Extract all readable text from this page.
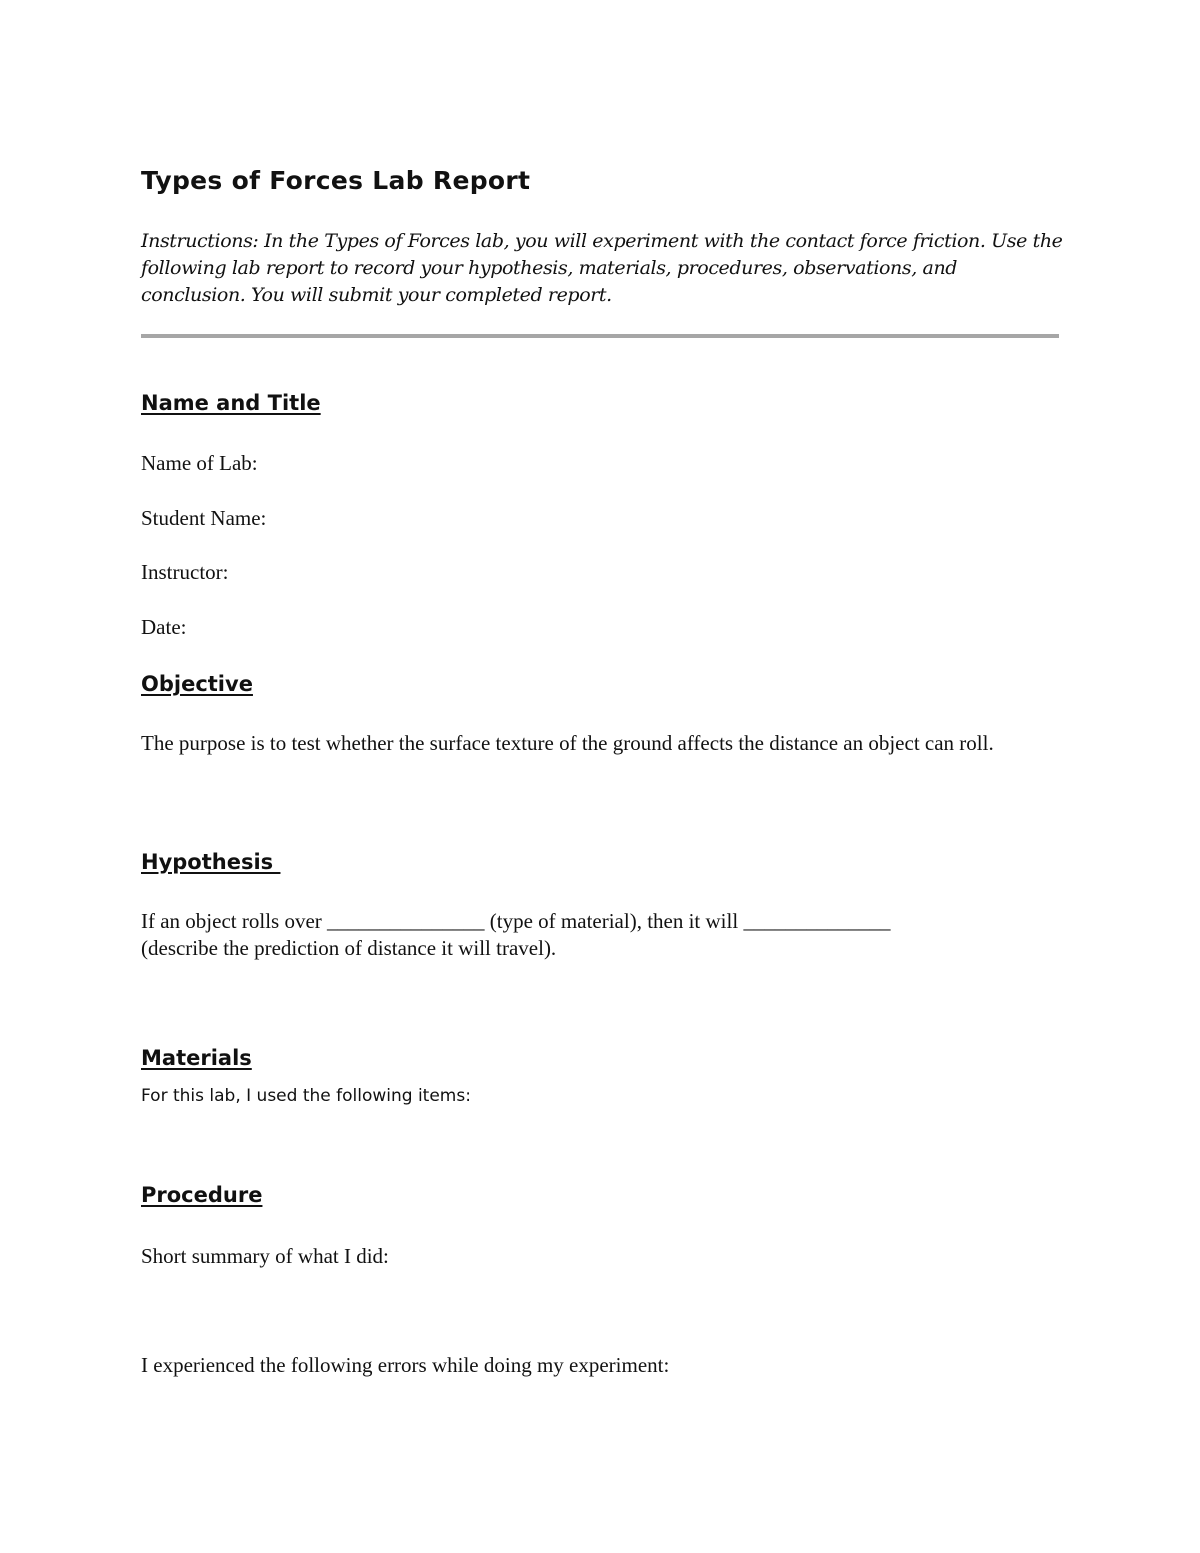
Types of Forces Lab Report
Instructions: In the Types of Forces lab, you will experiment with the contact force friction. Use the following lab report to record your hypothesis, materials, procedures, observations, and conclusion. You will submit your completed report.
Name and Title
Name of Lab:
Student Name:
Instructor:
Date:
Objective
The purpose is to test whether the surface texture of the ground affects the distance an object can roll.
Hypothesis
If an object rolls over _______________ (type of material), then it will ______________
(describe the prediction of distance it will travel).
Materials
For this lab, I used the following items:
Procedure
Short summary of what I did:
I experienced the following errors while doing my experiment:
